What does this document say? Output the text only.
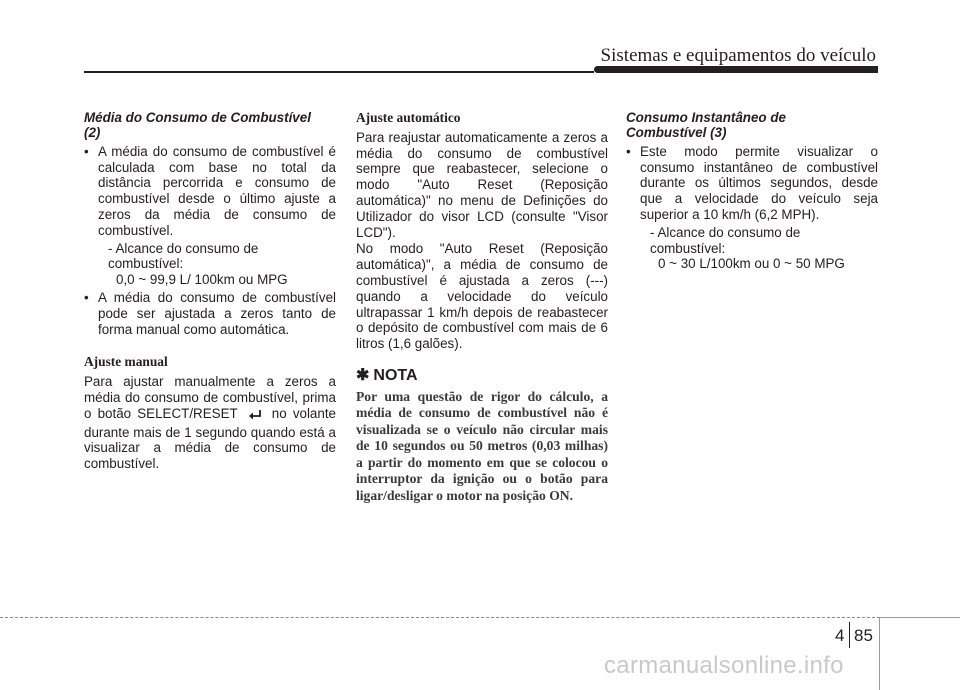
Sistemas e equipamentos do veículo
Média do Consumo de Combustível
(2)

• A média do consumo de combustível é calculada com base no total da distância percorrida e consumo de combustível desde o último ajuste a zeros da média de consumo de combustível.

- Alcance do consumo de combustível:
0,0 ~ 99,9 L/ 100km ou MPG

• A média do consumo de combustível pode ser ajustada a zeros tanto de forma manual como automática.

Ajuste manual

Para ajustar manualmente a zeros a média do consumo de combustível, prima o botão SELECT/RESET	no volante durante mais de 1 segundo quando está a visualizar a média de consumo de combustível.

Ajuste automático

Para reajustar automaticamente a zeros a média do consumo de combustível sempre que reabastecer, selecione o modo "Auto Reset (Reposição automática)" no menu de Definições do Utilizador do visor LCD (consulte "Visor LCD").

No modo "Auto Reset (Reposição automática)", a média de consumo de combustível é ajustada a zeros (---) quando a velocidade do veículo ultrapassar 1 km/h depois de reabastecer o depósito de combustível com mais de 6 litros (1,6 galões).

✱ NOTA

Por uma questão de rigor do cálculo, a média de consumo de combustível não é visualizada se o veículo não circular mais de 10 segundos ou 50 metros (0,03 milhas) a partir do momento em que se colocou o interruptor da ignição ou o botão para ligar/desligar o motor na posição ON.

Consumo Instantâneo de
Combustível (3)

• Este modo permite visualizar o consumo instantâneo de combustível durante os últimos segundos, desde que a velocidade do veículo seja superior a 10 km/h (6,2 MPH).

- Alcance do consumo de combustível:
0 ~ 30 L/100km ou 0 ~ 50 MPG
4 85
carmanualsonline.info
